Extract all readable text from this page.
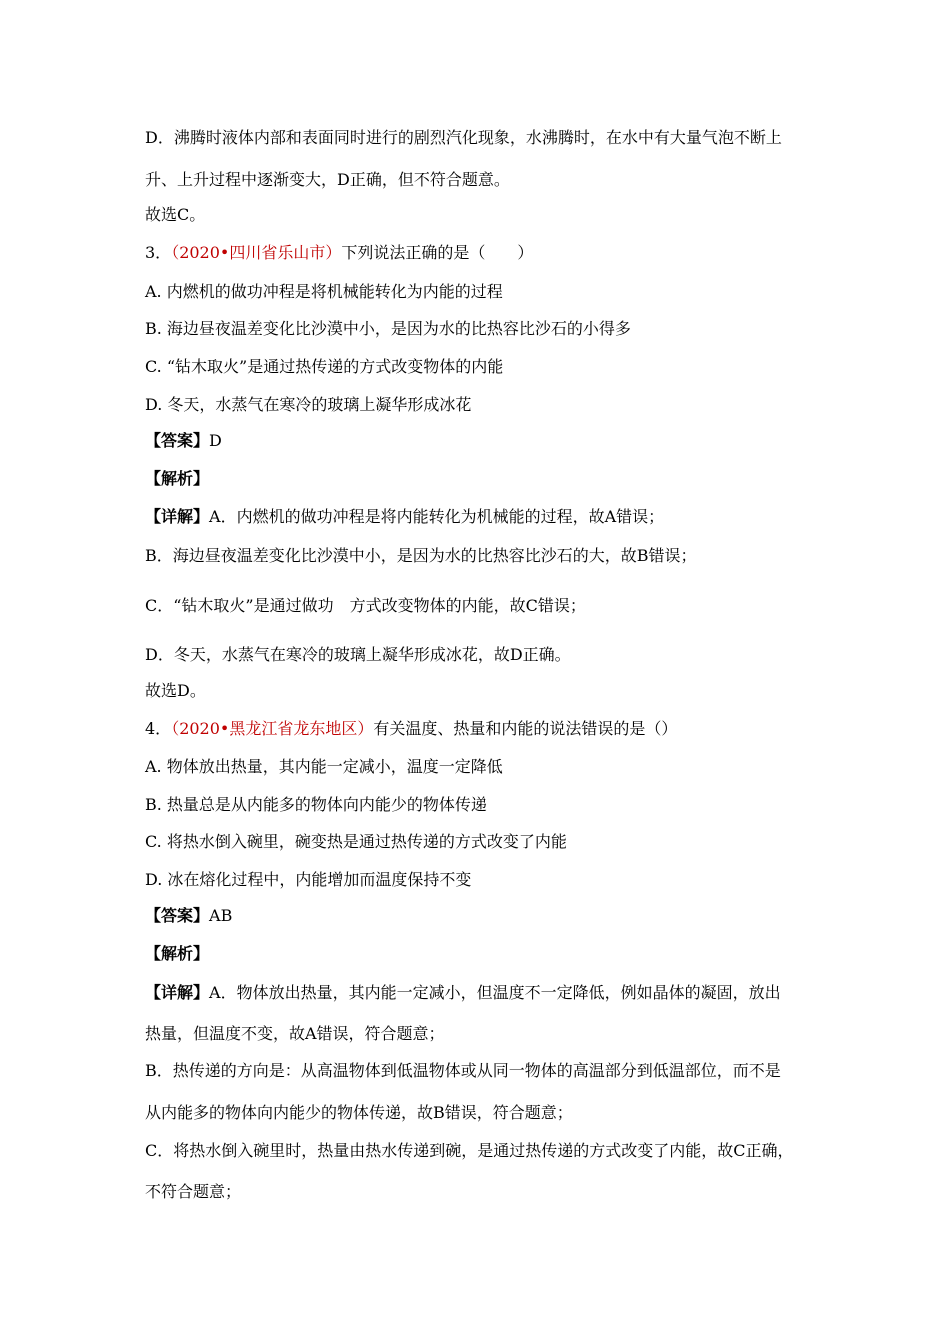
D．沸腾时液体内部和表面同时进行的剧烈汽化现象，水沸腾时，在水中有大量气泡不断上
升、上升过程中逐渐变大，D正确，但不符合题意。
故选C。
3．（2020•四川省乐山市）下列说法正确的是（　　）
A. 内燃机的做功冲程是将机械能转化为内能的过程
B. 海边昼夜温差变化比沙漠中小，是因为水的比热容比沙石的小得多
C. “钻木取火”是通过热传递的方式改变物体的内能
D. 冬天，水蒸气在寒冷的玻璃上凝华形成冰花
【答案】D
【解析】
【详解】A．内燃机的做功冲程是将内能转化为机械能的过程，故A错误；
B．海边昼夜温差变化比沙漠中小，是因为水的比热容比沙石的大，故B错误；
C．“钻木取火”是通过做功　方式改变物体的内能，故C错误；
D．冬天，水蒸气在寒冷的玻璃上凝华形成冰花，故D正确。
故选D。
4．（2020•黑龙江省龙东地区）有关温度、热量和内能的说法错误的是（）
A. 物体放出热量，其内能一定减小，温度一定降低
B. 热量总是从内能多的物体向内能少的物体传递
C. 将热水倒入碗里，碗变热是通过热传递的方式改变了内能
D. 冰在熔化过程中，内能增加而温度保持不变
【答案】AB
【解析】
【详解】A．物体放出热量，其内能一定减小，但温度不一定降低，例如晶体的凝固，放出
热量，但温度不变，故A错误，符合题意；
B．热传递的方向是：从高温物体到低温物体或从同一物体的高温部分到低温部位，而不是
从内能多的物体向内能少的物体传递，故B错误，符合题意；
C．将热水倒入碗里时，热量由热水传递到碗，是通过热传递的方式改变了内能，故C正确，
不符合题意；
